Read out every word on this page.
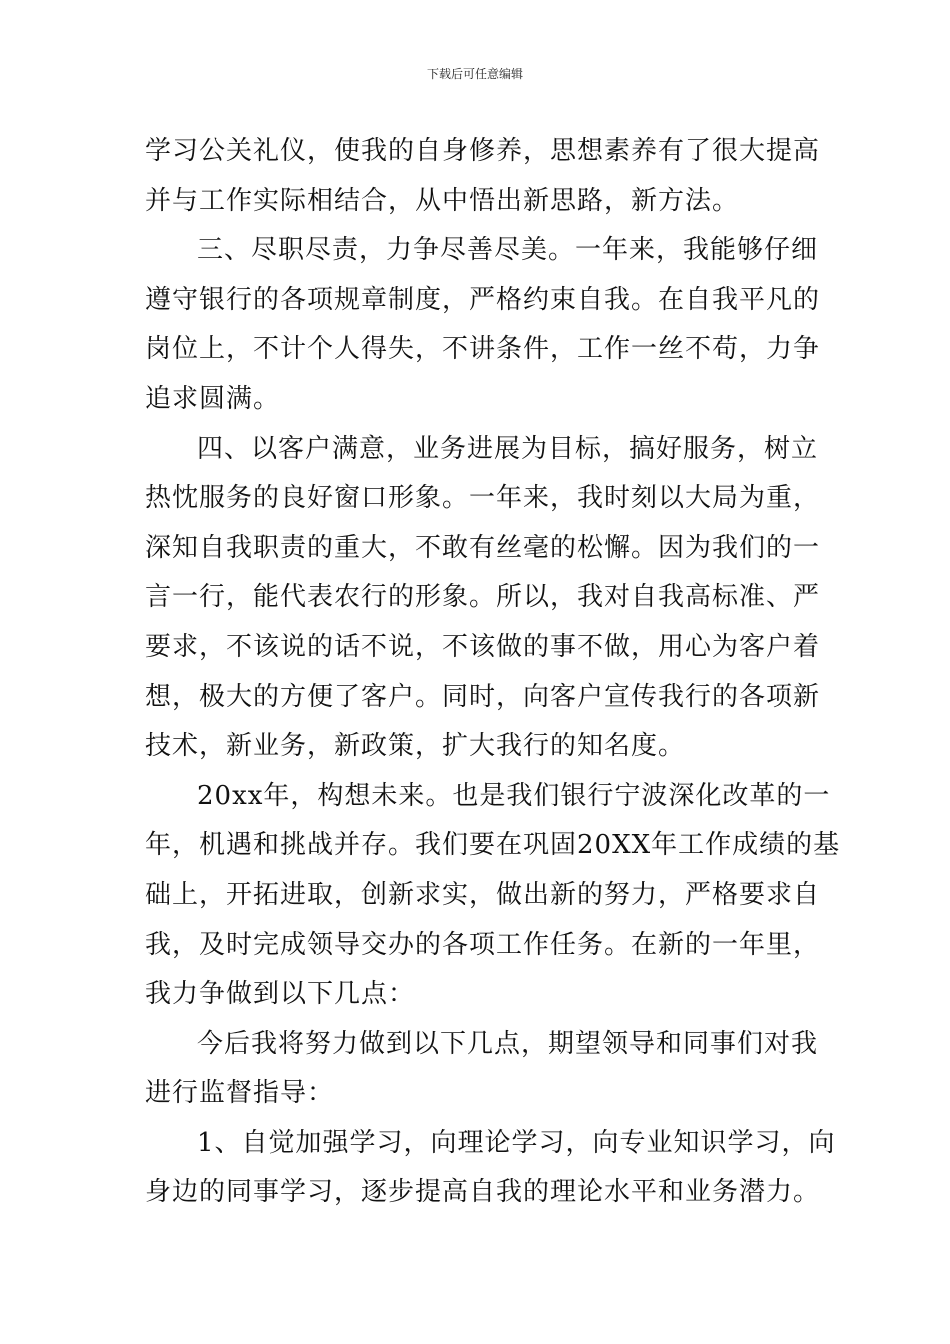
下载后可任意编辑

学习公关礼仪，使我的自身修养，思想素养有了很大提高
并与工作实际相结合，从中悟出新思路，新方法。

三、尽职尽责，力争尽善尽美。一年来，我能够仔细
遵守银行的各项规章制度，严格约束自我。在自我平凡的
岗位上，不计个人得失，不讲条件，工作一丝不苟，力争
追求圆满。

四、以客户满意，业务进展为目标，搞好服务，树立
热忱服务的良好窗口形象。一年来，我时刻以大局为重，
深知自我职责的重大，不敢有丝毫的松懈。因为我们的一
言一行，能代表农行的形象。所以，我对自我高标准、严
要求，不该说的话不说，不该做的事不做，用心为客户着
想，极大的方便了客户。同时，向客户宣传我行的各项新
技术，新业务，新政策，扩大我行的知名度。

20xx年，构想未来。也是我们银行宁波深化改革的一
年，机遇和挑战并存。我们要在巩固20XX年工作成绩的基
础上，开拓进取，创新求实，做出新的努力，严格要求自
我，及时完成领导交办的各项工作任务。在新的一年里，
我力争做到以下几点：

今后我将努力做到以下几点，期望领导和同事们对我
进行监督指导：

1、自觉加强学习，向理论学习，向专业知识学习，向
身边的同事学习，逐步提高自我的理论水平和业务潜力。
